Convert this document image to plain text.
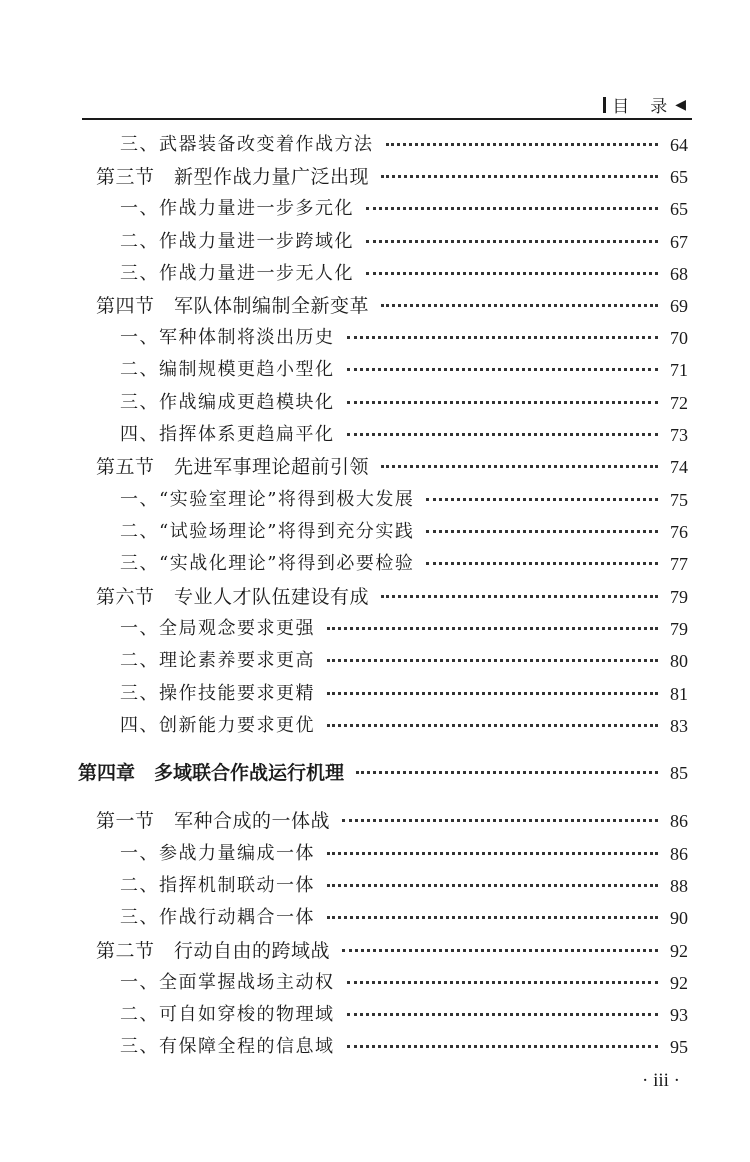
目　录 ◀
三、武器装备改变着作战方法	64
第三节　新型作战力量广泛出现	65
一、作战力量进一步多元化	65
二、作战力量进一步跨域化	67
三、作战力量进一步无人化	68
第四节　军队体制编制全新变革	69
一、军种体制将淡出历史	70
二、编制规模更趋小型化	71
三、作战编成更趋模块化	72
四、指挥体系更趋扁平化	73
第五节　先进军事理论超前引领	74
一、“实验室理论”将得到极大发展	75
二、“试验场理论”将得到充分实践	76
三、“实战化理论”将得到必要检验	77
第六节　专业人才队伍建设有成	79
一、全局观念要求更强	79
二、理论素养要求更高	80
三、操作技能要求更精	81
四、创新能力要求更优	83
第四章　多域联合作战运行机理	85
第一节　军种合成的一体战	86
一、参战力量编成一体	86
二、指挥机制联动一体	88
三、作战行动耦合一体	90
第二节　行动自由的跨域战	92
一、全面掌握战场主动权	92
二、可自如穿梭的物理域	93
三、有保障全程的信息域	95
· iii ·
